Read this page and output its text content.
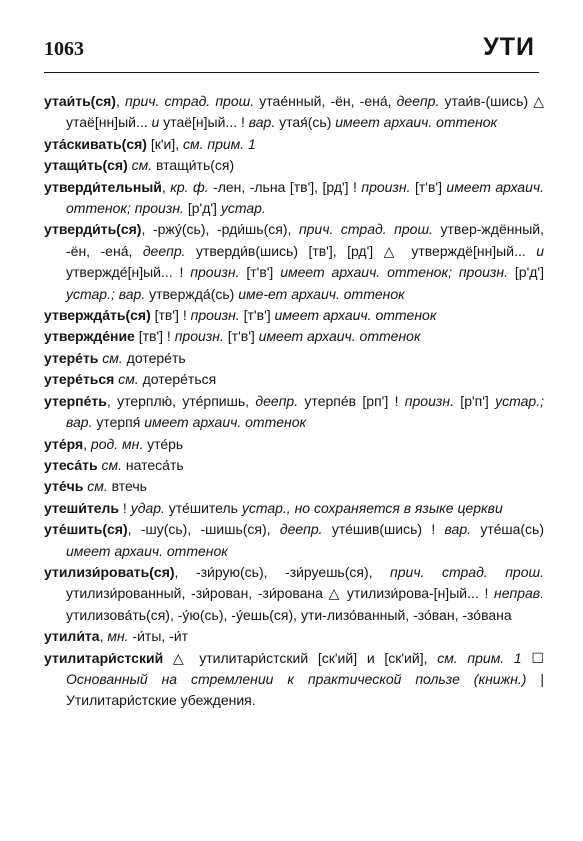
1063	УТИ

утаи́ть(ся), прич. страд. прош. утае́нный, -ён, -ена́, деепр. утаи́в-(шись) △ утаё[нн]ый... и утаё[н]ый... ! вар. утая́(сь) имеет архаич. оттенок

ута́скивать(ся) [к'и], см. прим. 1

утащи́ть(ся) см. втащи́ть(ся)

утверди́тельный, кр. ф. -лен, -льна [тв'], [рд'] ! произн. [т'в'] имеет архаич. оттенок; произн. [р'д'] устар.

утверди́ть(ся), -ржу́(сь), -рди́шь(ся), прич. страд. прош. утвер-ждённый, -ён, -ена́, деепр. утверди́в(шись) [тв'], [рд'] △ утверждё[нн]ый... и утвержде́[н]ый... ! произн. [т'в'] имеет архаич. оттенок; произн. [р'д'] устар.; вар. утвержда́(сь) име-ет архаич. оттенок

утвержда́ть(ся) [тв'] ! произн. [т'в'] имеет архаич. оттенок

утвержде́ние [тв'] ! произн. [т'в'] имеет архаич. оттенок

утере́ть см. дотере́ть

утере́ться см. дотере́ться

утерпе́ть, утерплю́, уте́рпишь, деепр. утерпе́в [рп'] ! произн. [р'п'] устар.; вар. утерпя́ имеет архаич. оттенок

уте́ря, род. мн. уте́рь

утеса́ть см. натеса́ть

уте́чь см. втечь

утеши́тель ! удар. уте́шитель устар., но сохраняется в языке церкви

уте́шить(ся), -шу(сь), -шишь(ся), деепр. уте́шив(шись) ! вар. уте́ша(сь) имеет архаич. оттенок

утилизи́ровать(ся), -зи́рую(сь), -зи́руешь(ся), прич. страд. прош. утилизи́рованный, -зи́рован, -зи́рована △ утилизи́рова-[н]ый... ! неправ. утилизова́ть(ся), -у́ю(сь), -у́ешь(ся), ути-лизо́ванный, -зо́ван, -зо́вана

утили́та, мн. -и́ты, -и́т

утилитари́стский △ утилитари́стский [ск'ий] и [ск'ий], см. прим. 1 ☐ Основанный на стремлении к практической пользе (книжн.) | Утилитари́стские убеждения.
